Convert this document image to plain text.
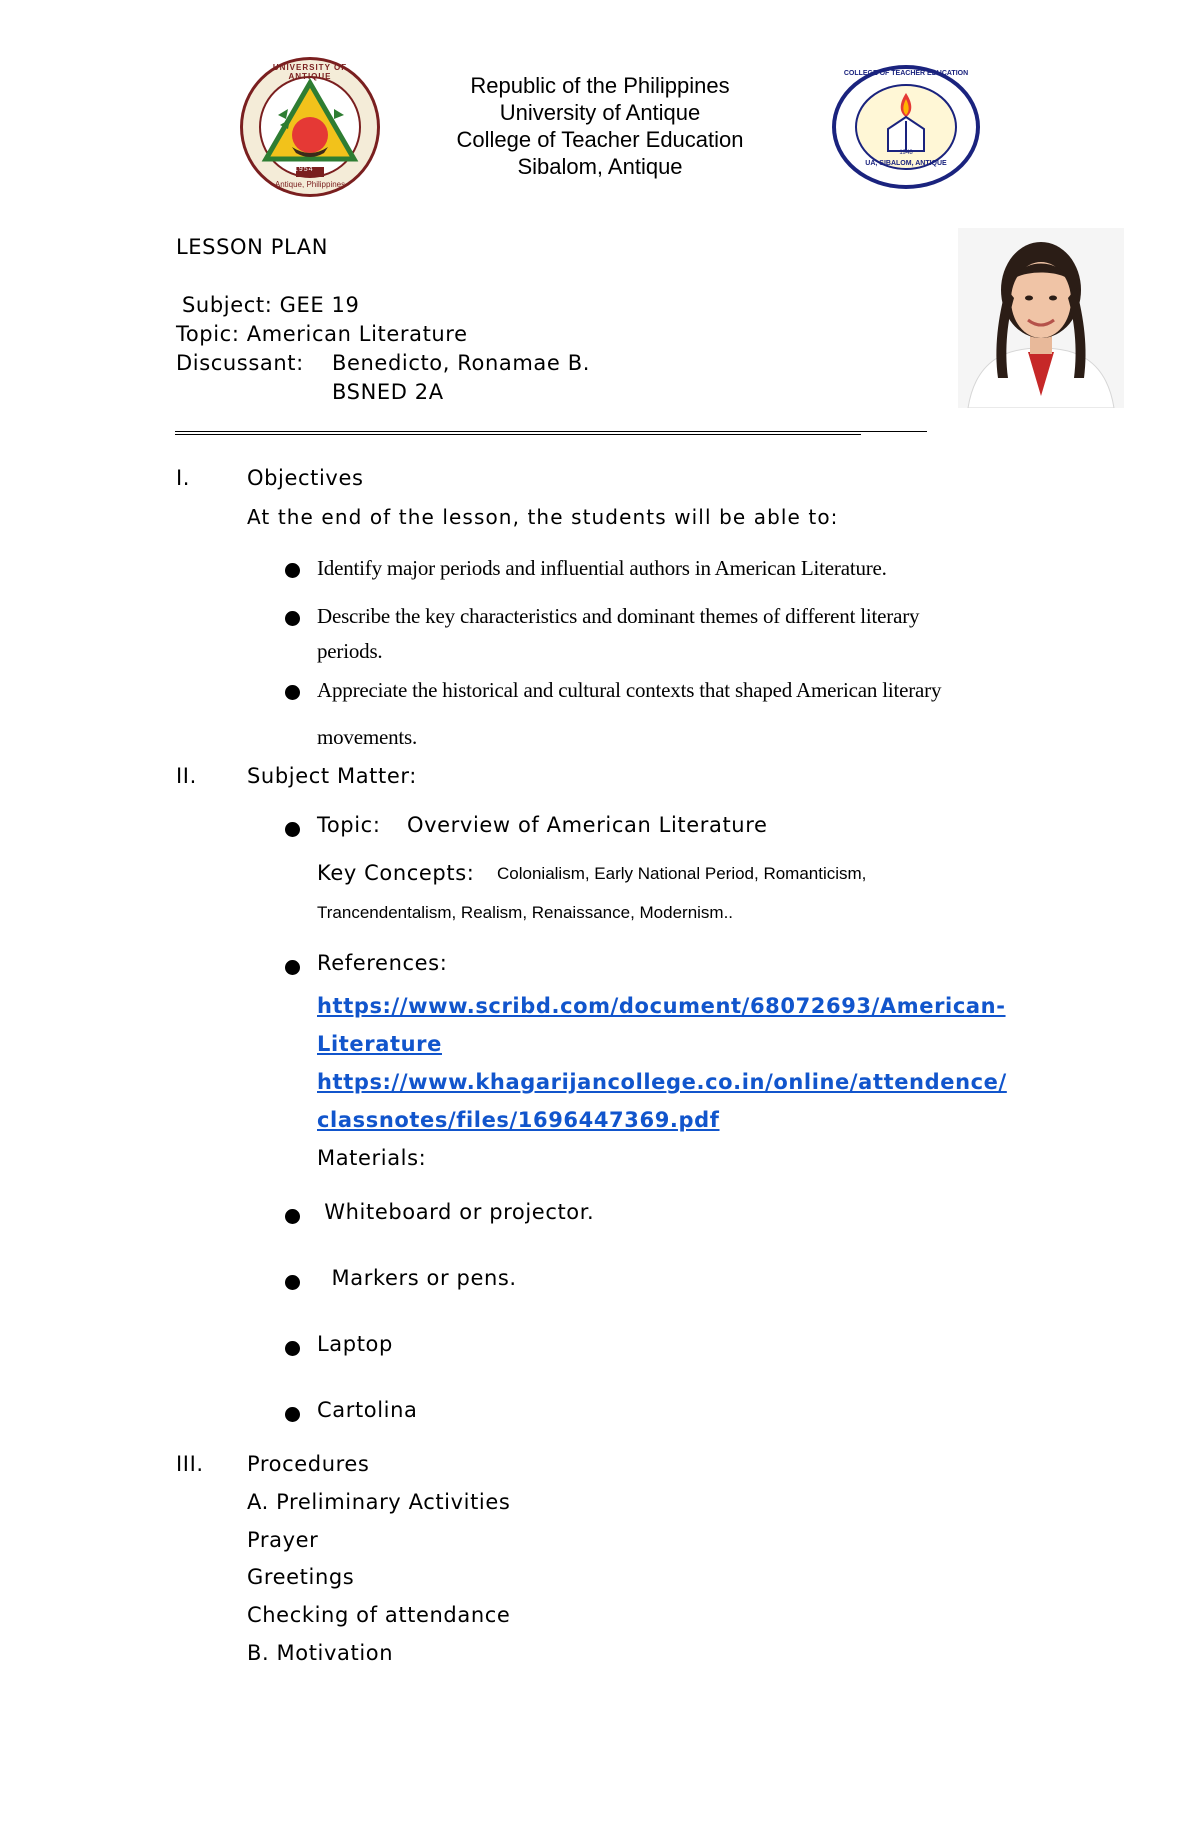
1954
UNIVERSITY OF ANTIQUE
Antique, Philippines
Republic of the Philippines
University of Antique
College of Teacher Education
Sibalom, Antique
COLLEGE OF TEACHER EDUCATION
UA, SIBALOM, ANTIQUE
1948
LESSON PLAN
Subject: GEE 19
Topic: American Literature
Discussant: Benedicto, Ronamae B.
BSNED 2A
I.	Objectives
At the end of the lesson, the students will be able to:
Identify major periods and influential authors in American Literature.
Describe the key characteristics and dominant themes of different literary
periods.
Appreciate the historical and cultural contexts that shaped American literary
movements.
II. Subject Matter:
Topic: Overview of American Literature
Key Concepts: Colonialism, Early National Period, Romanticism,
Trancendentalism, Realism, Renaissance, Modernism..
References:
https://www.scribd.com/document/68072693/American-
Literature
https://www.khagarijancollege.co.in/online/attendence/
classnotes/files/1696447369.pdf
Materials:
Whiteboard or projector.
Markers or pens.
Laptop
Cartolina
III. Procedures
A. Preliminary Activities
Prayer
Greetings
Checking of attendance
B. Motivation
